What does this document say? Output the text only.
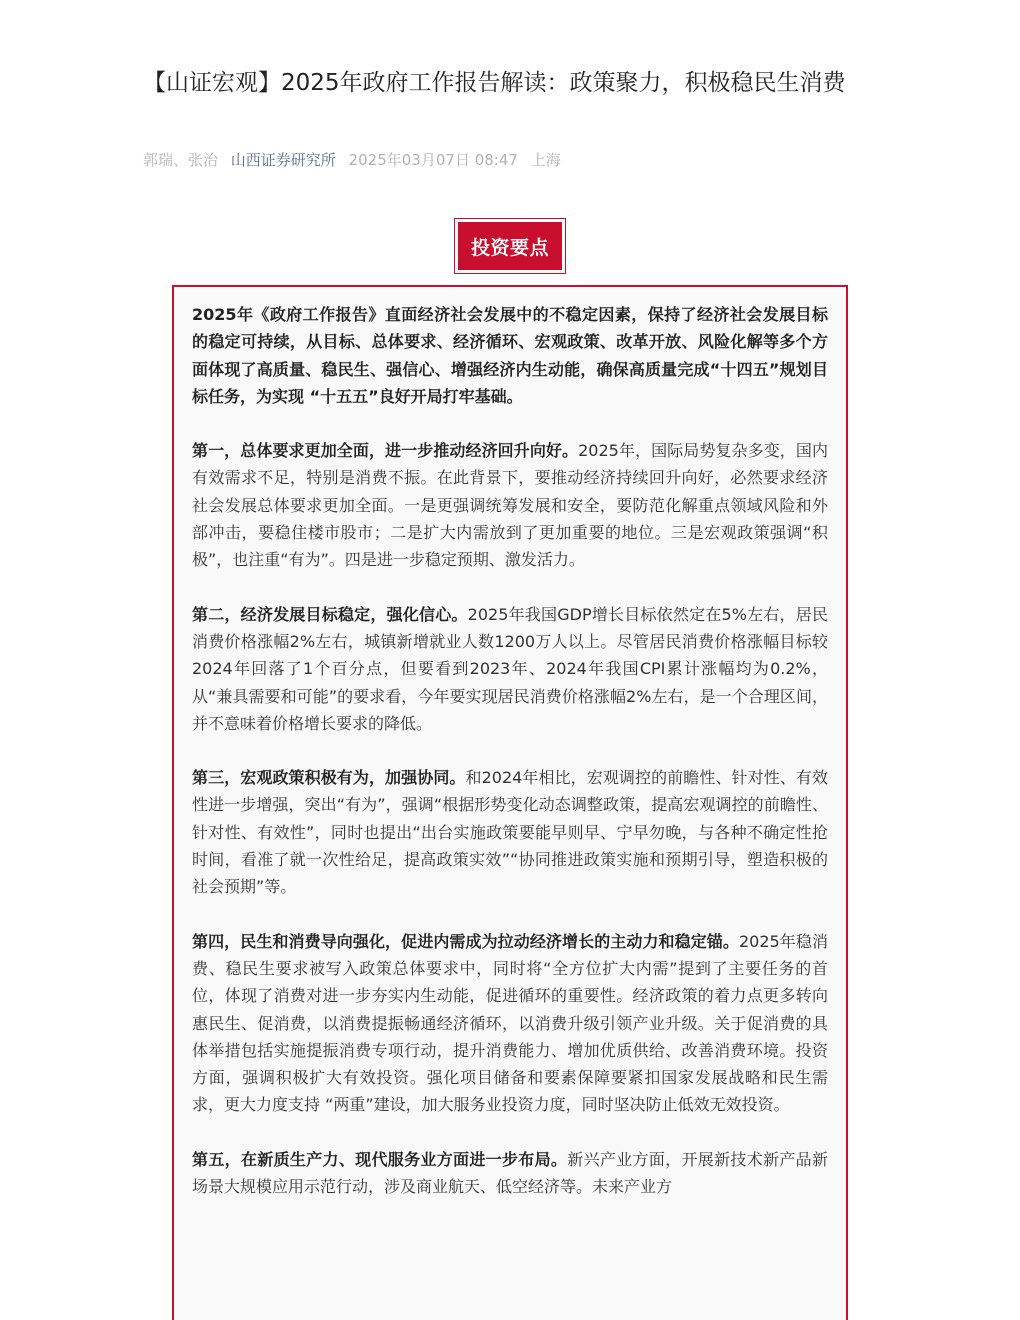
【山证宏观】2025年政府工作报告解读：政策聚力，积极稳民生消费
郭瑞、张治 山西证券研究所 2025年03月07日 08:47 上海
投资要点

2025年《政府工作报告》直面经济社会发展中的不稳定因素，保持了经济社会发展目标的稳定可持续，从目标、总体要求、经济循环、宏观政策、改革开放、风险化解等多个方面体现了高质量、稳民生、强信心、增强经济内生动能，确保高质量完成“十四五”规划目标任务，为实现 “十五五”良好开局打牢基础。

第一，总体要求更加全面，进一步推动经济回升向好。2025年，国际局势复杂多变，国内有效需求不足，特别是消费不振。在此背景下，要推动经济持续回升向好，必然要求经济社会发展总体要求更加全面。一是更强调统筹发展和安全，要防范化解重点领域风险和外部冲击，要稳住楼市股市；二是扩大内需放到了更加重要的地位。三是宏观政策强调“积极”，也注重“有为”。四是进一步稳定预期、激发活力。

第二，经济发展目标稳定，强化信心。2025年我国GDP增长目标依然定在5%左右，居民消费价格涨幅2%左右，城镇新增就业人数1200万人以上。尽管居民消费价格涨幅目标较2024年回落了1个百分点，但要看到2023年、2024年我国CPI累计涨幅均为0.2%，从“兼具需要和可能”的要求看，今年要实现居民消费价格涨幅2%左右，是一个合理区间，并不意味着价格增长要求的降低。

第三，宏观政策积极有为，加强协同。和2024年相比，宏观调控的前瞻性、针对性、有效性进一步增强，突出“有为”，强调“根据形势变化动态调整政策，提高宏观调控的前瞻性、针对性、有效性”，同时也提出“出台实施政策要能早则早、宁早勿晚，与各种不确定性抢时间，看准了就一次性给足，提高政策实效”“协同推进政策实施和预期引导，塑造积极的社会预期”等。

第四，民生和消费导向强化，促进内需成为拉动经济增长的主动力和稳定锚。2025年稳消费、稳民生要求被写入政策总体要求中，同时将“全方位扩大内需”提到了主要任务的首位，体现了消费对进一步夯实内生动能，促进循环的重要性。经济政策的着力点更多转向惠民生、促消费，以消费提振畅通经济循环，以消费升级引领产业升级。关于促消费的具体举措包括实施提振消费专项行动，提升消费能力、增加优质供给、改善消费环境。投资方面，强调积极扩大有效投资。强化项目储备和要素保障要紧扣国家发展战略和民生需求，更大力度支持 “两重”建设，加大服务业投资力度，同时坚决防止低效无效投资。

第五，在新质生产力、现代服务业方面进一步布局。新兴产业方面，开展新技术新产品新场景大规模应用示范行动，涉及商业航天、低空经济等。未来产业方
